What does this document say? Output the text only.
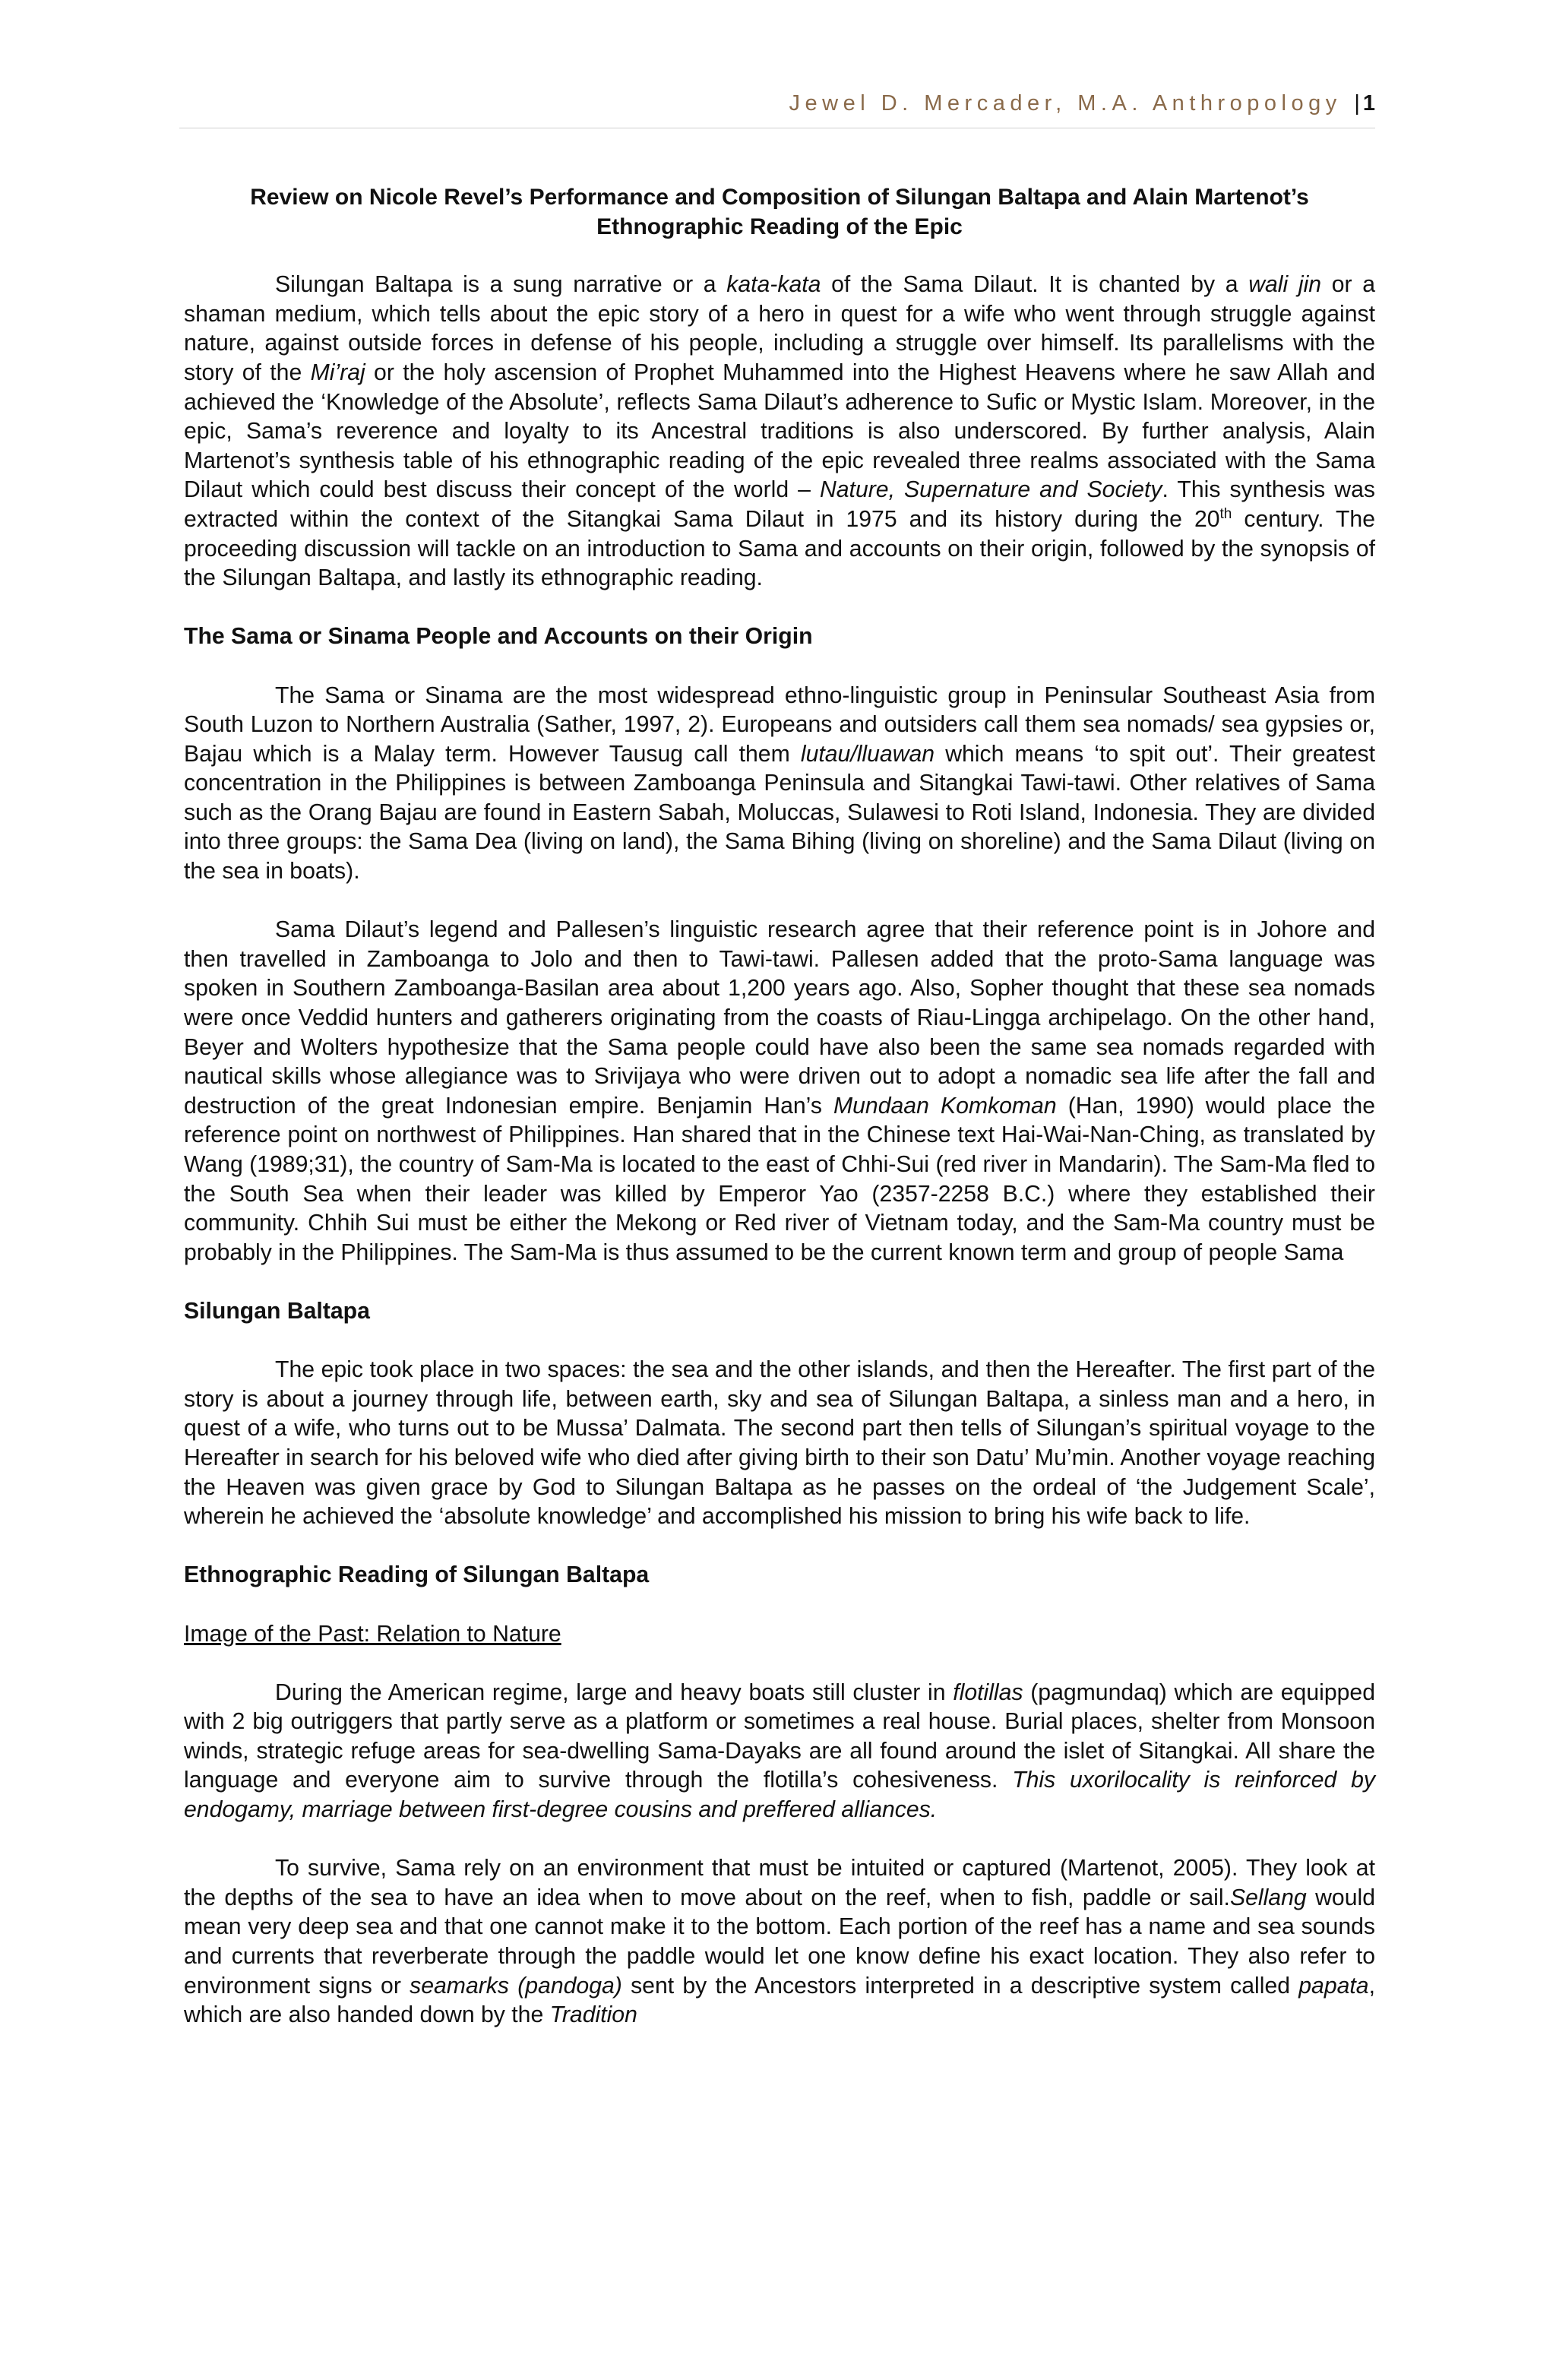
Jewel D. Mercader, M.A. Anthropology | 1
Review on Nicole Revel’s Performance and Composition of Silungan Baltapa and Alain Martenot’s
Ethnographic Reading of the Epic

Silungan Baltapa is a sung narrative or a kata-kata of the Sama Dilaut. It is chanted by a wali jin or a shaman medium, which tells about the epic story of a hero in quest for a wife who went through struggle against nature, against outside forces in defense of his people, including a struggle over himself. Its parallelisms with the story of the Mi’raj or the holy ascension of Prophet Muhammed into the Highest Heavens where he saw Allah and achieved the ‘Knowledge of the Absolute’, reflects Sama Dilaut’s adherence to Sufic or Mystic Islam. Moreover, in the epic, Sama’s reverence and loyalty to its Ancestral traditions is also underscored. By further analysis, Alain Martenot’s synthesis table of his ethnographic reading of the epic revealed three realms associated with the Sama Dilaut which could best discuss their concept of the world – Nature, Supernature and Society. This synthesis was extracted within the context of the Sitangkai Sama Dilaut in 1975 and its history during the 20th century. The proceeding discussion will tackle on an introduction to Sama and accounts on their origin, followed by the synopsis of the Silungan Baltapa, and lastly its ethnographic reading.

The Sama or Sinama People and Accounts on their Origin

The Sama or Sinama are the most widespread ethno-linguistic group in Peninsular Southeast Asia from South Luzon to Northern Australia (Sather, 1997, 2). Europeans and outsiders call them sea nomads/ sea gypsies or, Bajau which is a Malay term. However Tausug call them lutau/lluawan which means ‘to spit out’. Their greatest concentration in the Philippines is between Zamboanga Peninsula and Sitangkai Tawi-tawi. Other relatives of Sama such as the Orang Bajau are found in Eastern Sabah, Moluccas, Sulawesi to Roti Island, Indonesia. They are divided into three groups: the Sama Dea (living on land), the Sama Bihing (living on shoreline) and the Sama Dilaut (living on the sea in boats).

Sama Dilaut’s legend and Pallesen’s linguistic research agree that their reference point is in Johore and then travelled in Zamboanga to Jolo and then to Tawi-tawi. Pallesen added that the proto-Sama language was spoken in Southern Zamboanga-Basilan area about 1,200 years ago. Also, Sopher thought that these sea nomads were once Veddid hunters and gatherers originating from the coasts of Riau-Lingga archipelago. On the other hand, Beyer and Wolters hypothesize that the Sama people could have also been the same sea nomads regarded with nautical skills whose allegiance was to Srivijaya who were driven out to adopt a nomadic sea life after the fall and destruction of the great Indonesian empire. Benjamin Han’s Mundaan Komkoman (Han, 1990) would place the reference point on northwest of Philippines. Han shared that in the Chinese text Hai-Wai-Nan-Ching, as translated by Wang (1989;31), the country of Sam-Ma is located to the east of Chhi-Sui (red river in Mandarin). The Sam-Ma fled to the South Sea when their leader was killed by Emperor Yao (2357-2258 B.C.) where they established their community. Chhih Sui must be either the Mekong or Red river of Vietnam today, and the Sam-Ma country must be probably in the Philippines. The Sam-Ma is thus assumed to be the current known term and group of people Sama

Silungan Baltapa

The epic took place in two spaces: the sea and the other islands, and then the Hereafter. The first part of the story is about a journey through life, between earth, sky and sea of Silungan Baltapa, a sinless man and a hero, in quest of a wife, who turns out to be Mussa’ Dalmata. The second part then tells of Silungan’s spiritual voyage to the Hereafter in search for his beloved wife who died after giving birth to their son Datu’ Mu’min. Another voyage reaching the Heaven was given grace by God to Silungan Baltapa as he passes on the ordeal of ‘the Judgement Scale’, wherein he achieved the ‘absolute knowledge’ and accomplished his mission to bring his wife back to life.

Ethnographic Reading of Silungan Baltapa
Image of the Past: Relation to Nature

During the American regime, large and heavy boats still cluster in flotillas (pagmundaq) which are equipped with 2 big outriggers that partly serve as a platform or sometimes a real house. Burial places, shelter from Monsoon winds, strategic refuge areas for sea-dwelling Sama-Dayaks are all found around the islet of Sitangkai. All share the language and everyone aim to survive through the flotilla’s cohesiveness. This uxorilocality is reinforced by endogamy, marriage between first-degree cousins and preffered alliances.

To survive, Sama rely on an environment that must be intuited or captured (Martenot, 2005). They look at the depths of the sea to have an idea when to move about on the reef, when to fish, paddle or sail.Sellang would mean very deep sea and that one cannot make it to the bottom. Each portion of the reef has a name and sea sounds and currents that reverberate through the paddle would let one know define his exact location. They also refer to environment signs or seamarks (pandoga) sent by the Ancestors interpreted in a descriptive system called papata, which are also handed down by the Tradition
